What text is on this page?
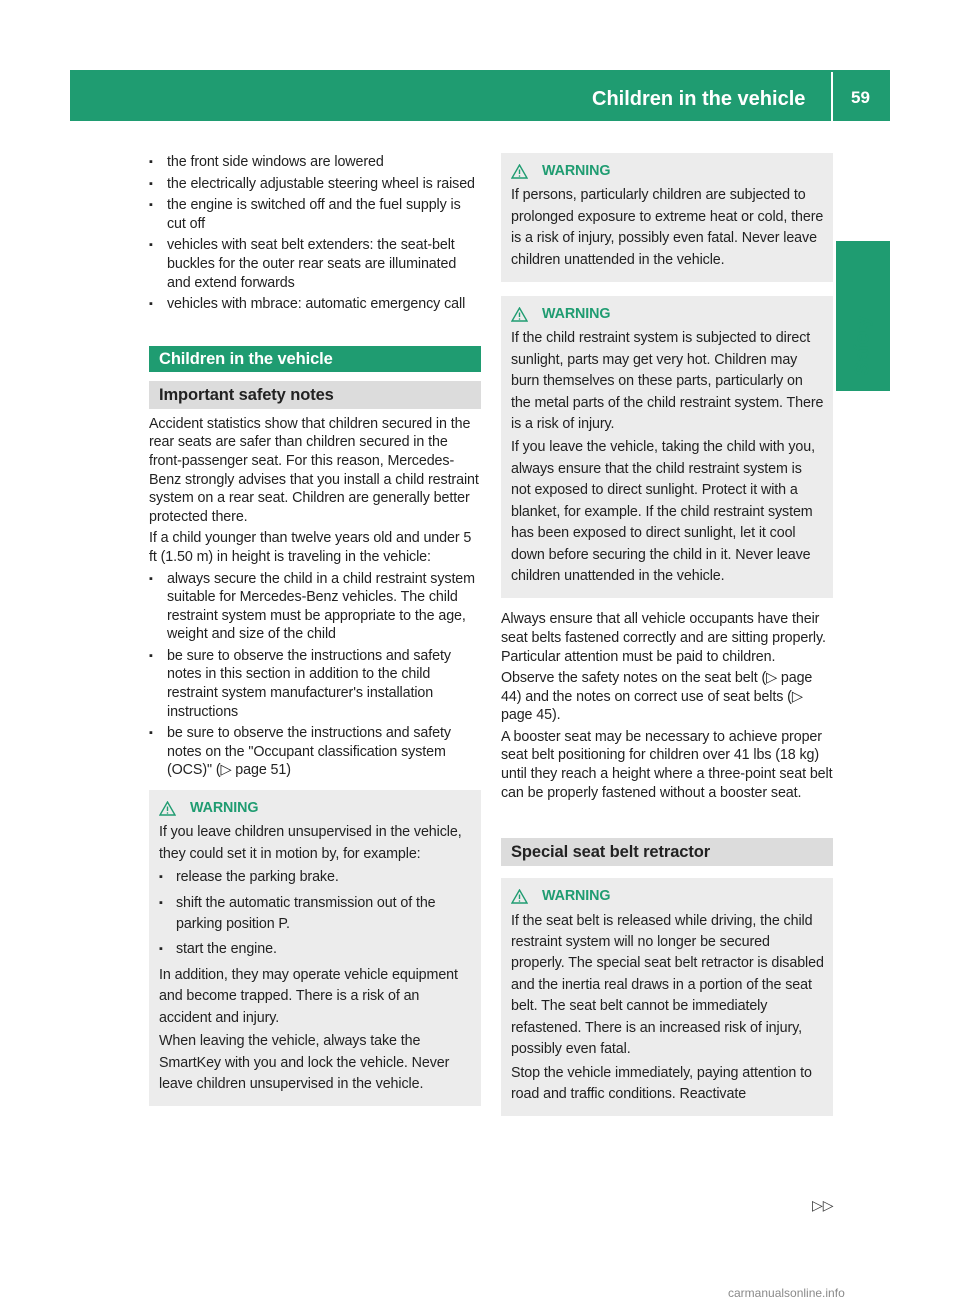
Children in the vehicle	59
Safety
▪ the front side windows are lowered
▪ the electrically adjustable steering wheel is raised
▪ the engine is switched off and the fuel supply is cut off
▪ vehicles with seat belt extenders: the seat-belt buckles for the outer rear seats are illuminated and extend forwards
▪ vehicles with mbrace: automatic emergency call
Children in the vehicle
Important safety notes

Accident statistics show that children secured in the rear seats are safer than children secured in the front-passenger seat. For this reason, Mercedes-Benz strongly advises that you install a child restraint system on a rear seat. Children are generally better protected there.

If a child younger than twelve years old and under 5 ft (1.50 m) in height is traveling in the vehicle:

▪ always secure the child in a child restraint system suitable for Mercedes-Benz vehicles. The child restraint system must be appropriate to the age, weight and size of the child
▪ be sure to observe the instructions and safety notes in this section in addition to the child restraint system manufacturer's installation instructions
▪ be sure to observe the instructions and safety notes on the "Occupant classification system (OCS)" (▷ page 51)
WARNING

If you leave children unsupervised in the vehicle, they could set it in motion by, for example:

▪ release the parking brake.
▪ shift the automatic transmission out of the parking position P.
▪ start the engine.

In addition, they may operate vehicle equipment and become trapped. There is a risk of an accident and injury.

When leaving the vehicle, always take the SmartKey with you and lock the vehicle. Never leave children unsupervised in the vehicle.

WARNING

If persons, particularly children are subjected to prolonged exposure to extreme heat or cold, there is a risk of injury, possibly even fatal. Never leave children unattended in the vehicle.

WARNING

If the child restraint system is subjected to direct sunlight, parts may get very hot. Children may burn themselves on these parts, particularly on the metal parts of the child restraint system. There is a risk of injury.

If you leave the vehicle, taking the child with you, always ensure that the child restraint system is not exposed to direct sunlight. Protect it with a blanket, for example. If the child restraint system has been exposed to direct sunlight, let it cool down before securing the child in it. Never leave children unattended in the vehicle.

Always ensure that all vehicle occupants have their seat belts fastened correctly and are sitting properly. Particular attention must be paid to children.

Observe the safety notes on the seat belt (▷ page 44) and the notes on correct use of seat belts (▷ page 45).

A booster seat may be necessary to achieve proper seat belt positioning for children over 41 lbs (18 kg) until they reach a height where a three-point seat belt can be properly fastened without a booster seat.

Special seat belt retractor
WARNING

If the seat belt is released while driving, the child restraint system will no longer be secured properly. The special seat belt retractor is disabled and the inertia real draws in a portion of the seat belt. The seat belt cannot be immediately refastened. There is an increased risk of injury, possibly even fatal.

Stop the vehicle immediately, paying attention to road and traffic conditions. Reactivate

▷▷
carmanualsonline.info
